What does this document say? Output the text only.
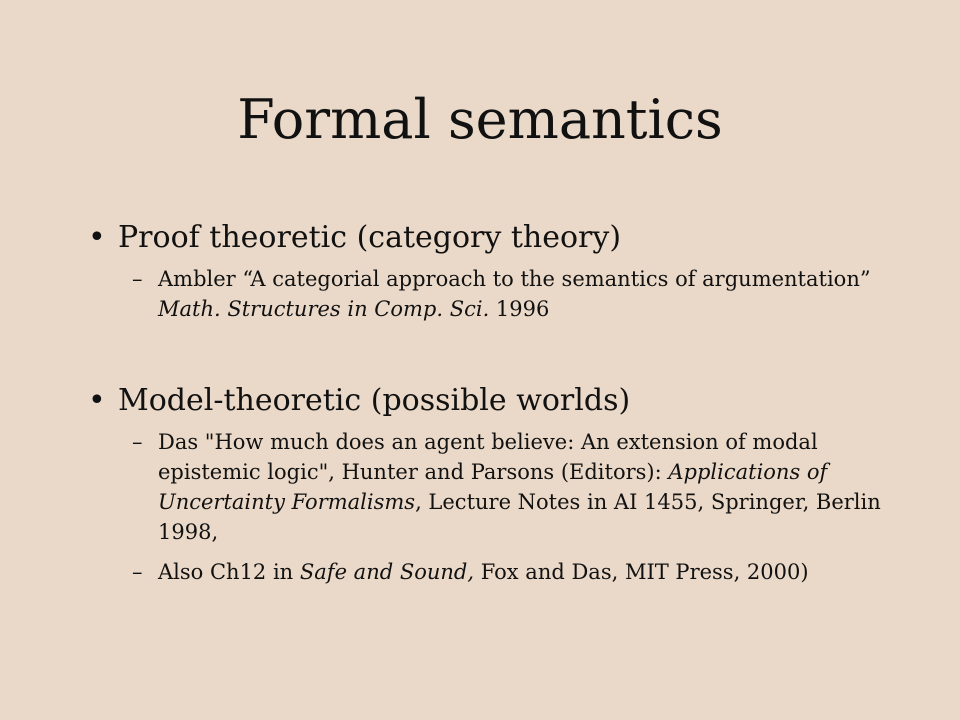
Formal semantics
• Proof theoretic (category theory)
– Ambler “A categorial approach to the semantics of argumentation” Math. Structures in Comp. Sci. 1996
• Model-theoretic (possible worlds)
– Das "How much does an agent believe: An extension of modal epistemic logic", Hunter and Parsons (Editors): Applications of Uncertainty Formalisms, Lecture Notes in AI 1455, Springer, Berlin 1998,
– Also Ch12 in Safe and Sound, Fox and Das, MIT Press, 2000)
